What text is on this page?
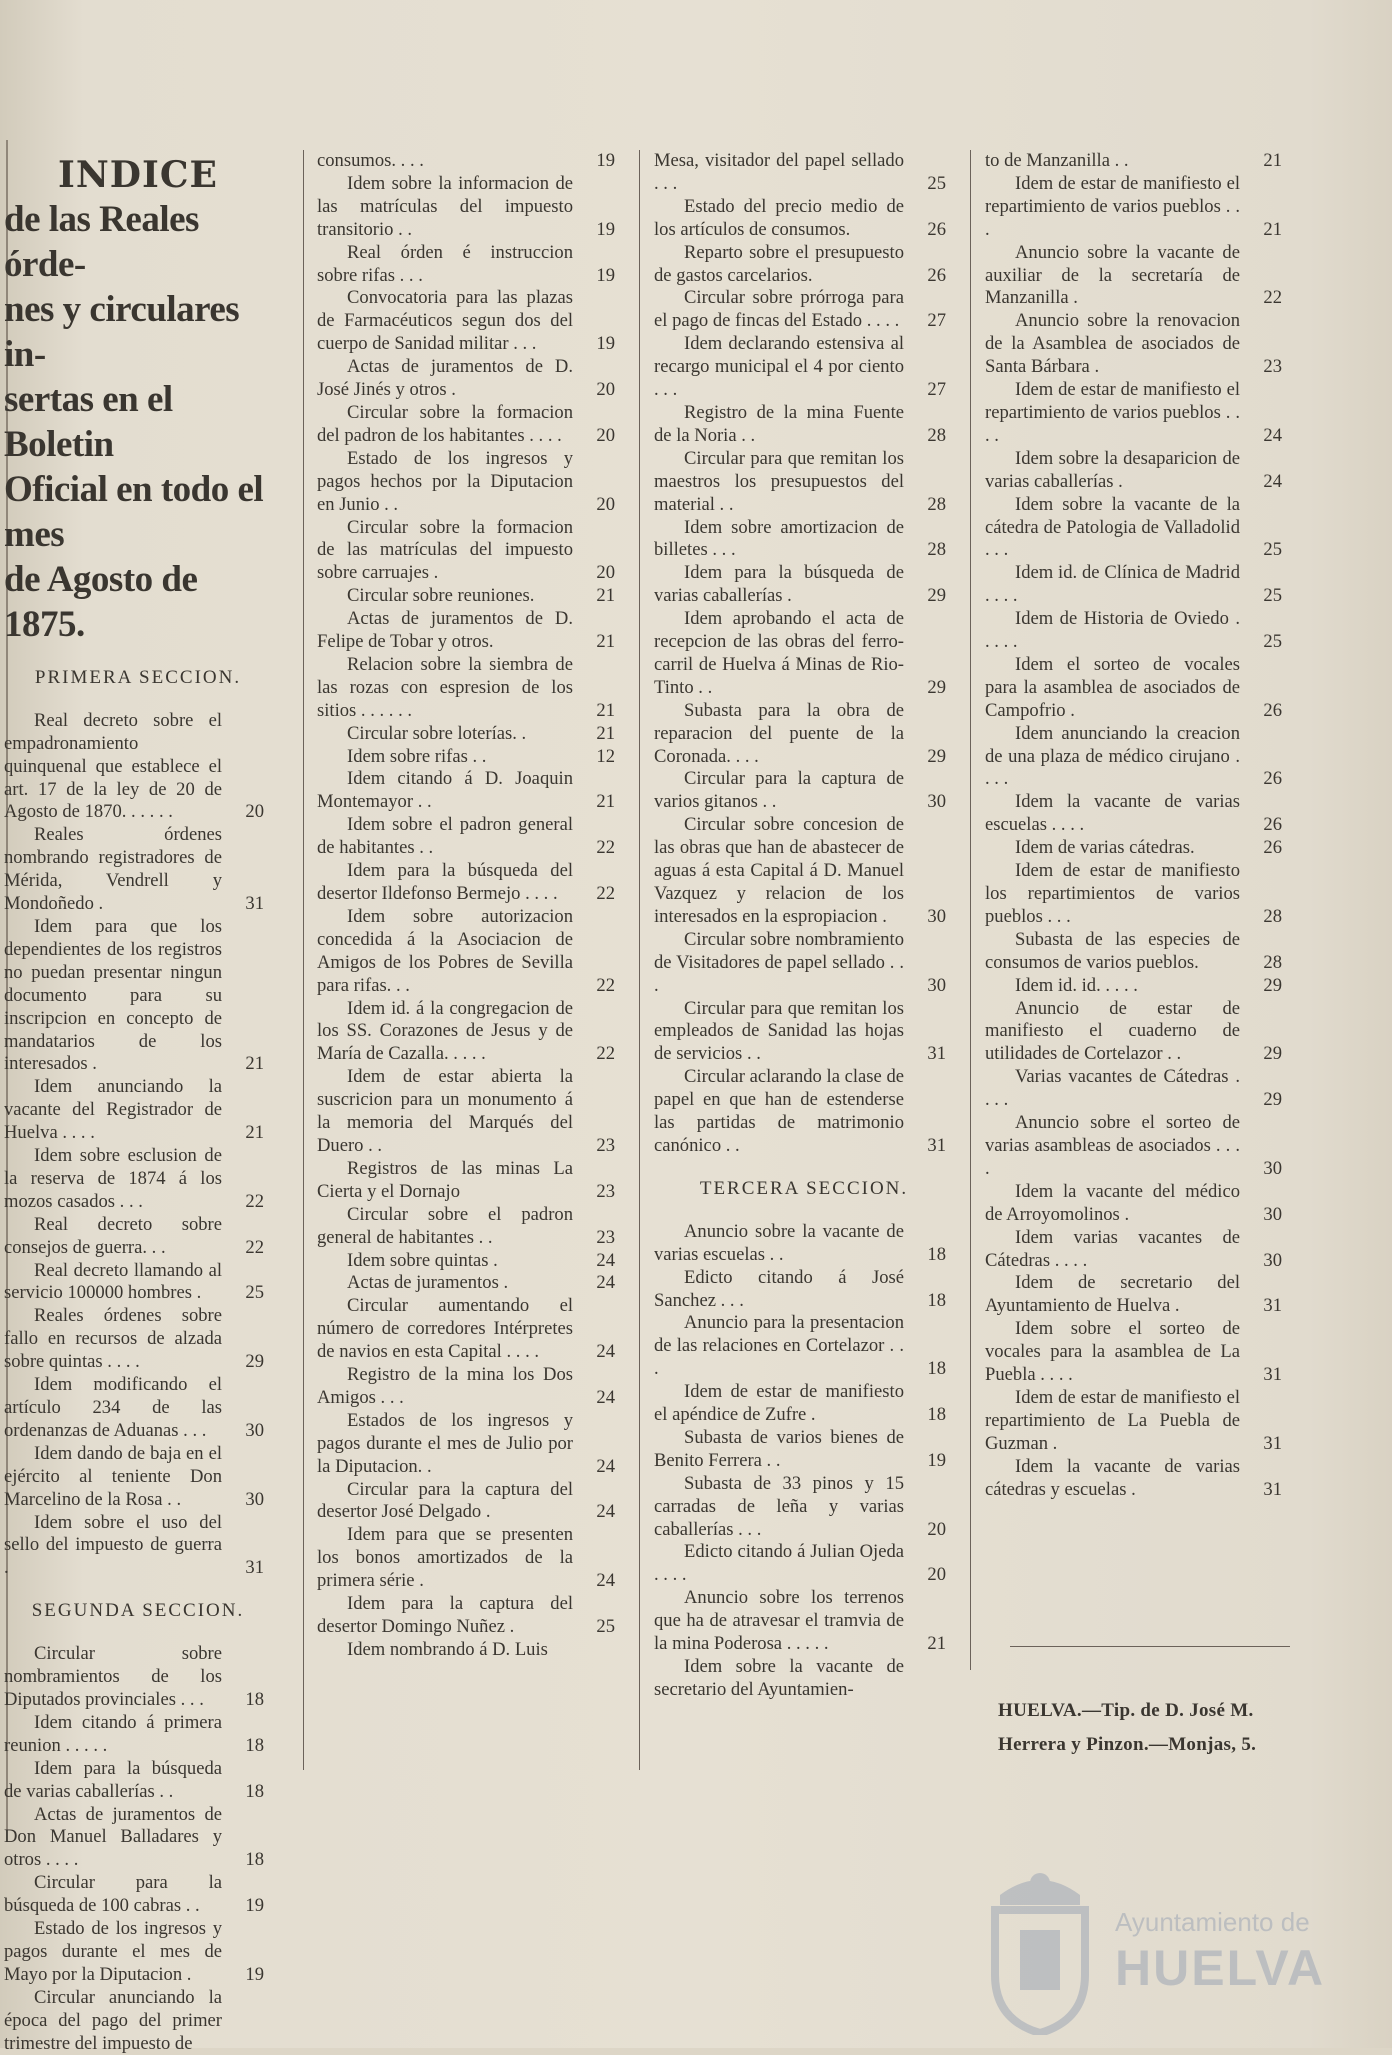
INDICE

de las Reales órde-

nes y circulares in-

sertas en el Boletin

Oficial en todo el mes

de Agosto de 1875.

PRIMERA SECCION.
Real decreto sobre el empadronamiento quinquenal que establece el art. 17 de la ley de 20 de Agosto de 1870. . . . . .	20
Reales órdenes nombrando registradores de Mérida, Vendrell y Mondoñedo .	31
Idem para que los dependientes de los registros no puedan presentar ningun documento para su inscripcion en concepto de mandatarios de los interesados .	21
Idem anunciando la vacante del Registrador de Huelva . . . .	21
Idem sobre esclusion de la reserva de 1874 á los mozos casados . . .	22
Real decreto sobre consejos de guerra. . .	22
Real decreto llamando al servicio 100000 hombres .	25
Reales órdenes sobre fallo en recursos de alzada sobre quintas . . . .	29
Idem modificando el artículo 234 de las ordenanzas de Aduanas . . .	30
Idem dando de baja en el ejército al teniente Don Marcelino de la Rosa . .	30
Idem sobre el uso del sello del impuesto de guerra .	31
SEGUNDA SECCION.
Circular sobre nombramientos de los Diputados provinciales . . .	18
Idem citando á primera reunion . . . . .	18
Idem para la búsqueda de varias caballerías . .	18
Actas de juramentos de Don Manuel Balladares y otros . . . .	18
Circular para la búsqueda de 100 cabras . .	19
Estado de los ingresos y pagos durante el mes de Mayo por la Diputacion .	19
Circular anunciando la época del pago del primer trimestre del impuesto de
consumos. . . .	19
Idem sobre la informacion de las matrículas del impuesto transitorio . .	19
Real órden é instruccion sobre rifas . . .	19
Convocatoria para las plazas de Farmacéuticos segun dos del cuerpo de Sanidad militar . . .	19
Actas de juramentos de D. José Jinés y otros .	20
Circular sobre la formacion del padron de los habitantes . . . .	20
Estado de los ingresos y pagos hechos por la Diputacion en Junio . .	20
Circular sobre la formacion de las matrículas del impuesto sobre carruajes .	20
Circular sobre reuniones.	21
Actas de juramentos de D. Felipe de Tobar y otros.	21
Relacion sobre la siembra de las rozas con espresion de los sitios . . . . . .	21
Circular sobre loterías. .	21
Idem sobre rifas . .	12
Idem citando á D. Joaquin Montemayor . .	21
Idem sobre el padron general de habitantes . .	22
Idem para la búsqueda del desertor Ildefonso Bermejo . . . .	22
Idem sobre autorizacion concedida á la Asociacion de Amigos de los Pobres de Sevilla para rifas. . .	22
Idem id. á la congregacion de los SS. Corazones de Jesus y de María de Cazalla. . . . .	22
Idem de estar abierta la suscricion para un monumento á la memoria del Marqués del Duero . .	23
Registros de las minas La Cierta y el Dornajo	23
Circular sobre el padron general de habitantes . .	23
Idem sobre quintas .	24
Actas de juramentos .	24
Circular aumentando el número de corredores Intérpretes de navios en esta Capital . . . .	24
Registro de la mina los Dos Amigos . . .	24
Estados de los ingresos y pagos durante el mes de Julio por la Diputacion. .	24
Circular para la captura del desertor José Delgado .	24
Idem para que se presenten los bonos amortizados de la primera série .	24
Idem para la captura del desertor Domingo Nuñez .	25
Idem nombrando á D. Luis
Mesa, visitador del papel sellado . . .	25
Estado del precio medio de los artículos de consumos.	26
Reparto sobre el presupuesto de gastos carcelarios.	26
Circular sobre prórroga para el pago de fincas del Estado . . . . 27
Idem declarando estensiva al recargo municipal el 4 por ciento . . .	27
Registro de la mina Fuente de la Noria . .	28
Circular para que remitan los maestros los presupuestos del material . .	28
Idem sobre amortizacion de billetes . . .	28
Idem para la búsqueda de varias caballerías .	29
Idem aprobando el acta de recepcion de las obras del ferro-carril de Huelva á Minas de Rio-Tinto . .	29
Subasta para la obra de reparacion del puente de la Coronada. . . .	29
Circular para la captura de varios gitanos . .	30
Circular sobre concesion de las obras que han de abastecer de aguas á esta Capital á D. Manuel Vazquez y relacion de los interesados en la espropiacion .	30
Circular sobre nombramiento de Visitadores de papel sellado . . .	30
Circular para que remitan los empleados de Sanidad las hojas de servicios . .	31
Circular aclarando la clase de papel en que han de estenderse las partidas de matrimonio canónico . .	31
TERCERA SECCION.
Anuncio sobre la vacante de varias escuelas . .	18
Edicto citando á José Sanchez . . .	18
Anuncio para la presentacion de las relaciones en Cortelazor . . .	18
Idem de estar de manifiesto el apéndice de Zufre .	18
Subasta de varios bienes de Benito Ferrera . .	19
Subasta de 33 pinos y 15 carradas de leña y varias caballerías . . .	20
Edicto citando á Julian Ojeda . . . .	20
Anuncio sobre los terrenos que ha de atravesar el tramvia de la mina Poderosa . . . . .	21
Idem sobre la vacante de secretario del Ayuntamien-
to de Manzanilla . .	21
Idem de estar de manifiesto el repartimiento de varios pueblos . . .	21
Anuncio sobre la vacante de auxiliar de la secretaría de Manzanilla .	22
Anuncio sobre la renovacion de la Asamblea de asociados de Santa Bárbara .	23
Idem de estar de manifiesto el repartimiento de varios pueblos . . . .	24
Idem sobre la desaparicion de varias caballerías .	24
Idem sobre la vacante de la cátedra de Patologia de Valladolid . . .	25
Idem id. de Clínica de Madrid . . . .	25
Idem de Historia de Oviedo . . . . .	25
Idem el sorteo de vocales para la asamblea de asociados de Campofrio .	26
Idem anunciando la creacion de una plaza de médico cirujano . . . .	26
Idem la vacante de varias escuelas . . . .	26
Idem de varias cátedras.	26
Idem de estar de manifiesto los repartimientos de varios pueblos . . .	28
Subasta de las especies de consumos de varios pueblos.	28
Idem id. id. . . . .	29
Anuncio de estar de manifiesto el cuaderno de utilidades de Cortelazor . .	29
Varias vacantes de Cátedras . . . .	29
Anuncio sobre el sorteo de varias asambleas de asociados . . . .	30
Idem la vacante del médico de Arroyomolinos .	30
Idem varias vacantes de Cátedras . . . .	30
Idem de secretario del Ayuntamiento de Huelva .	31
Idem sobre el sorteo de vocales para la asamblea de La Puebla . . . .	31
Idem de estar de manifiesto el repartimiento de La Puebla de Guzman .	31
Idem la vacante de varias cátedras y escuelas .	31
HUELVA.—Tip. de D. José M.
Herrera y Pinzon.—Monjas, 5.
Ayuntamiento de
HUELVA
